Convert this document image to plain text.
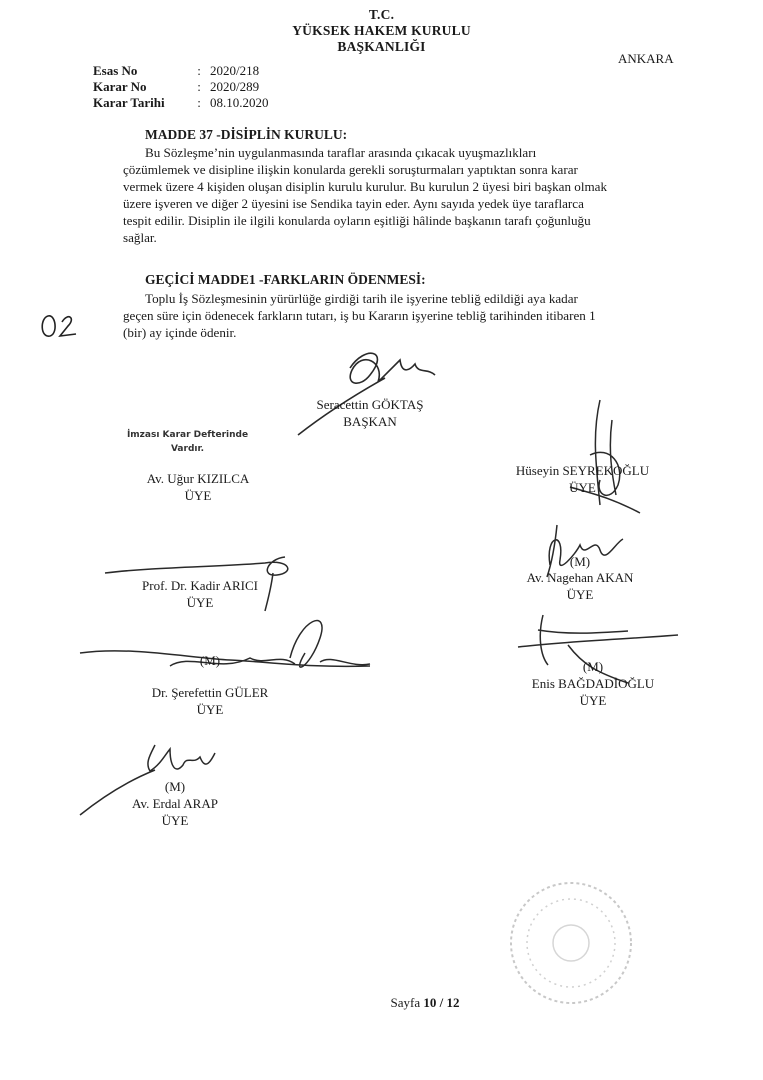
T.C.
YÜKSEK HAKEM KURULU
BAŞKANLIĞI
ANKARA
Esas No	: 2020/218
Karar No	: 2020/289
Karar Tarihi	: 08.10.2020
MADDE 37 -DİSİPLİN KURULU:
Bu Sözleşme’nin uygulanmasında taraflar arasında çıkacak uyuşmazlıkları
çözümlemek ve disipline ilişkin konularda gerekli soruşturmaları yaptıktan sonra karar
vermek üzere 4 kişiden oluşan disiplin kurulu kurulur. Bu kurulun 2 üyesi biri başkan olmak
üzere işveren ve diğer 2 üyesini ise Sendika tayin eder. Aynı sayıda yedek üye taraflarca
tespit edilir. Disiplin ile ilgili konularda oyların eşitliği hâlinde başkanın tarafı çoğunluğu
sağlar.
GEÇİCİ MADDE1 -FARKLARIN ÖDENMESİ:
Toplu İş Sözleşmesinin yürürlüğe girdiği tarih ile işyerine tebliğ edildiği aya kadar
geçen süre için ödenecek farkların tutarı, iş bu Kararın işyerine tebliğ tarihinden itibaren 1
(bir) ay içinde ödenir.
İmzası Karar Defterinde
Vardır.
Seracettin GÖKTAŞ
BAŞKAN
Av. Uğur KIZILCA
ÜYE
Hüseyin SEYREKOĞLU
ÜYE
Prof. Dr. Kadir ARICI
ÜYE
(M)
Av. Nagehan AKAN
ÜYE
(M)
Enis BAĞDADİOĞLU
ÜYE
(M)
Dr. Şerefettin GÜLER
ÜYE
(M)
Av. Erdal ARAP
ÜYE
Sayfa 10 / 12
